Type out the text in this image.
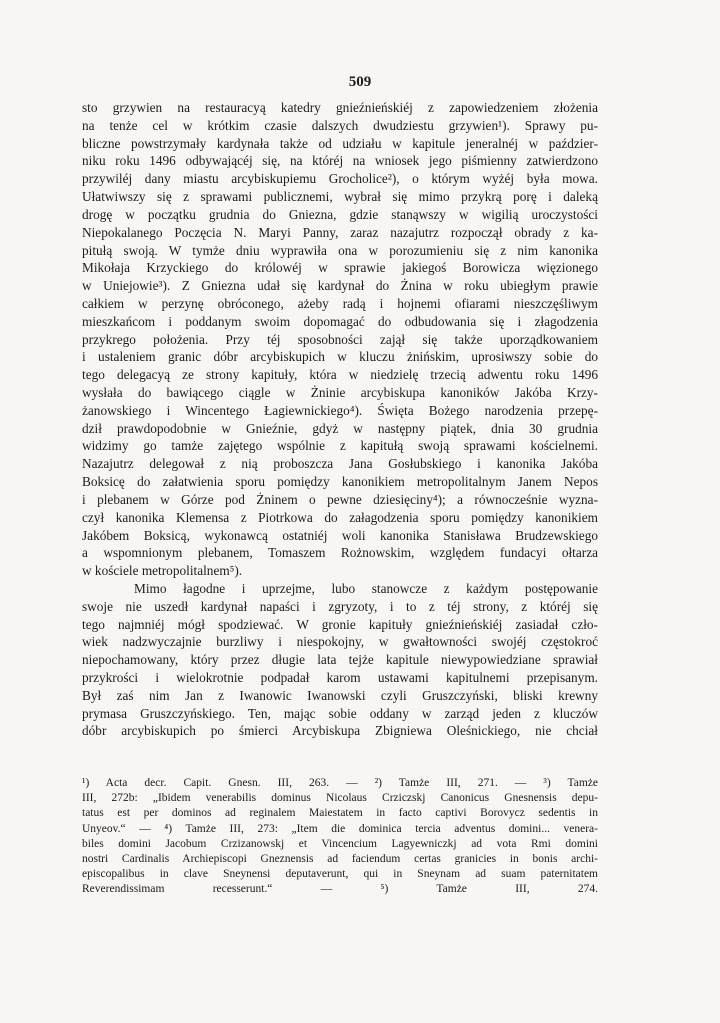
509
sto grzywien na restauracyą katedry gnieźnieńskiéj z zapowiedzeniem złożenia
na tenże cel w krótkim czasie dalszych dwudziestu grzywien¹). Sprawy pu-
bliczne powstrzymały kardynała także od udziału w kapitule jeneralnéj w paździer-
niku roku 1496 odbywającéj się, na któréj na wniosek jego piśmienny zatwierdzono
przywiléj dany miastu arcybiskupiemu Grocholice²), o którym wyżéj była mowa.
Ułatwiwszy się z sprawami publicznemi, wybrał się mimo przykrą porę i daleką
drogę w początku grudnia do Gniezna, gdzie stanąwszy w wigilią uroczystości
Niepokalanego Poczęcia N. Maryi Panny, zaraz nazajutrz rozpoczął obrady z ka-
pitułą swoją. W tymże dniu wyprawiła ona w porozumieniu się z nim kanonika
Mikołaja Krzyckiego do królowéj w sprawie jakiegoś Borowicza więzionego
w Uniejowie³). Z Gniezna udał się kardynał do Żnina w roku ubiegłym prawie
całkiem w perzynę obróconego, ażeby radą i hojnemi ofiarami nieszczęśliwym
mieszkańcom i poddanym swoim dopomagać do odbudowania się i złagodzenia
przykrego położenia. Przy téj sposobności zajął się także uporządkowaniem
i ustaleniem granic dóbr arcybiskupich w kluczu żnińskim, uprosiwszy sobie do
tego delegacyą ze strony kapituły, która w niedzielę trzecią adwentu roku 1496
wysłała do bawiącego ciągle w Żninie arcybiskupa kanoników Jakóba Krzy-
żanowskiego i Wincentego Łagiewnickiego⁴). Święta Bożego narodzenia przepę-
dził prawdopodobnie w Gnieźnie, gdyż w następny piątek, dnia 30 grudnia
widzimy go tamże zajętego wspólnie z kapitułą swoją sprawami kościelnemi.
Nazajutrz delegował z nią proboszcza Jana Gosłubskiego i kanonika Jakóba
Boksicę do załatwienia sporu pomiędzy kanonikiem metropolitalnym Janem Nepos
i plebanem w Górze pod Żninem o pewne dziesięciny⁴); a równocześnie wyzna-
czył kanonika Klemensa z Piotrkowa do załagodzenia sporu pomiędzy kanonikiem
Jakóbem Boksicą, wykonawcą ostatniéj woli kanonika Stanisława Brudzewskiego
a wspomnionym plebanem, Tomaszem Rożnowskim, względem fundacyi ołtarza
w kościele metropolitalnem⁵).
Mimo łagodne i uprzejme, lubo stanowcze z każdym postępowanie
swoje nie uszedł kardynał napaści i zgryzoty, i to z téj strony, z któréj się
tego najmniéj mógł spodziewać. W gronie kapituły gnieźnieńskiéj zasiadał czło-
wiek nadzwyczajnie burzliwy i niespokojny, w gwałtowności swojéj częstokroć
niepochamowany, który przez długie lata tejże kapitule niewypowiedziane sprawiał
przykrości i wielokrotnie podpadał karom ustawami kapitulnemi przepisanym.
Był zaś nim Jan z Iwanowic Iwanowski czyli Gruszczyński, bliski krewny
prymasa Gruszczyńskiego. Ten, mając sobie oddany w zarząd jeden z kluczów
dóbr arcybiskupich po śmierci Arcybiskupa Zbigniewa Oleśnickiego, nie chciał
¹) Acta decr. Capit. Gnesn. III, 263. — ²) Tamże III, 271. — ³) Tamże
III, 272b: „Ibidem venerabilis dominus Nicolaus Crziczskj Canonicus Gnesnensis depu-
tatus est per dominos ad reginalem Maiestatem in facto captivi Borovycz sedentis in
Unyeov.“ — ⁴) Tamże III, 273: „Item die dominica tercia adventus domini... venera-
biles domini Jacobum Crzizanowskj et Vincencium Lagyewniczkj ad vota Rmi domini
nostri Cardinalis Archiepiscopi Gneznensis ad faciendum certas granicies in bonis archi-
episcopalibus in clave Sneynensi deputaverunt, qui in Sneynam ad suam paternitatem
Reverendissimam recesserunt.“ — ⁵) Tamże III, 274.
